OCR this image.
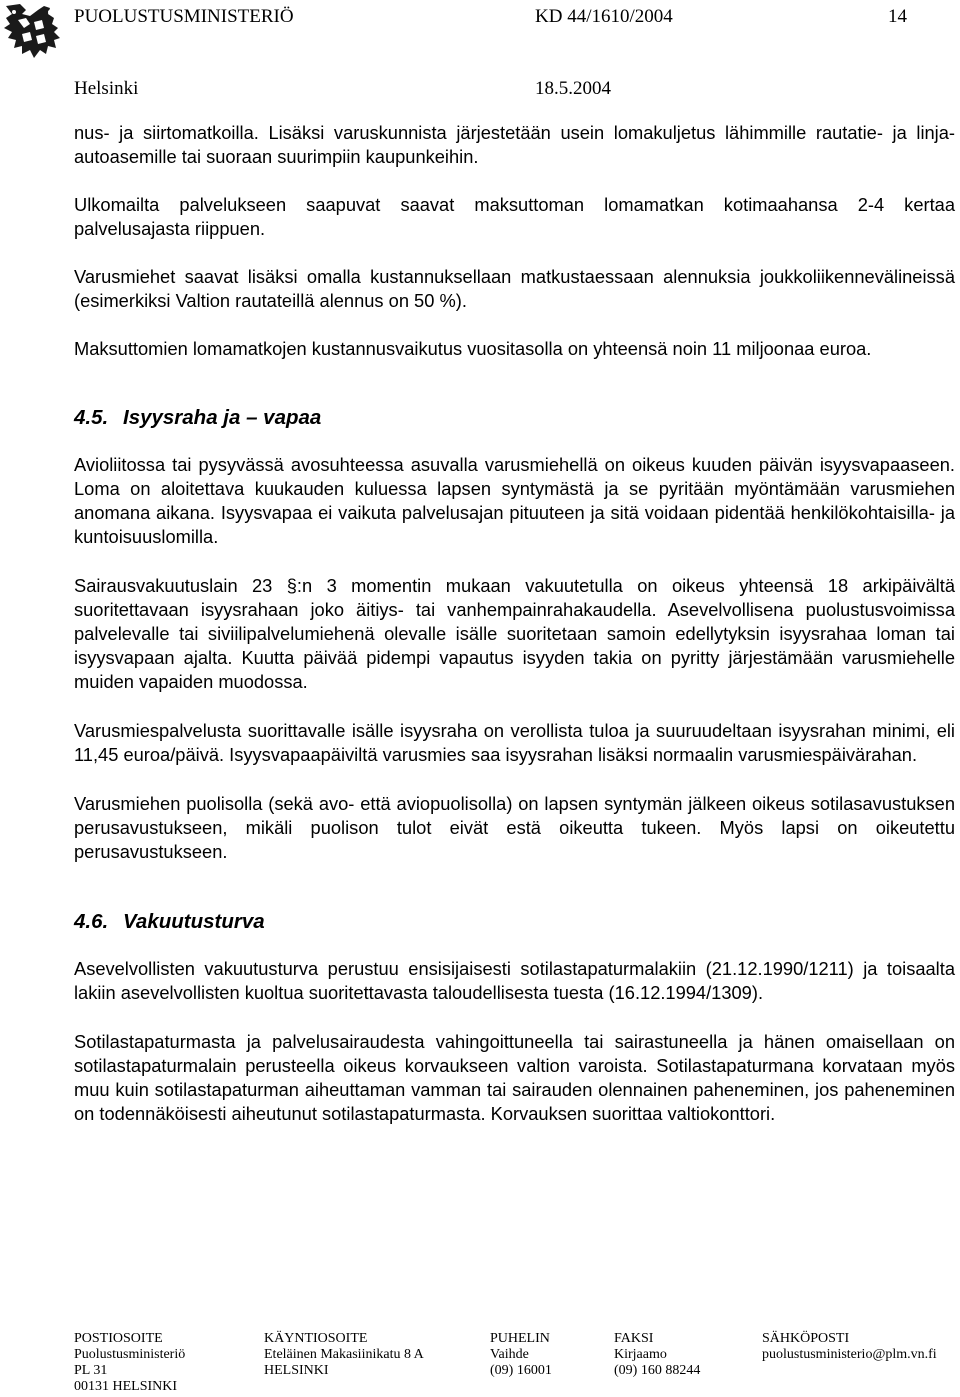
PUOLUSTUSMINISTERIÖ	KD 44/1610/2004	14
Helsinki	18.5.2004

nus- ja siirtomatkoilla. Lisäksi varuskunnista järjestetään usein lomakuljetus lähimmille rautatie- ja linja-autoasemille tai suoraan suurimpiin kaupunkeihin.

Ulkomailta palvelukseen saapuvat saavat maksuttoman lomamatkan kotimaahansa 2-4 kertaa palvelusajasta riippuen.

Varusmiehet saavat lisäksi omalla kustannuksellaan matkustaessaan alennuksia joukkoliikennevälineissä (esimerkiksi Valtion rautateillä alennus on 50 %).

Maksuttomien lomamatkojen kustannusvaikutus vuositasolla on yhteensä noin 11 miljoonaa euroa.

4.5. Isyysraha ja – vapaa

Avioliitossa tai pysyvässä avosuhteessa asuvalla varusmiehellä on oikeus kuuden päivän isyysvapaaseen. Loma on aloitettava kuukauden kuluessa lapsen syntymästä ja se pyritään myöntämään varusmiehen anomana aikana. Isyysvapaa ei vaikuta palvelusajan pituuteen ja sitä voidaan pidentää henkilökohtaisilla- ja kuntoisuuslomilla.

Sairausvakuutuslain 23 §:n 3 momentin mukaan vakuutetulla on oikeus yhteensä 18 arkipäivältä suoritettavaan isyysrahaan joko äitiys- tai vanhempainrahakaudella. Asevelvollisena puolustusvoimissa palvelevalle tai siviilipalvelumiehenä olevalle isälle suoritetaan samoin edellytyksin isyysrahaa loman tai isyysvapaan ajalta. Kuutta päivää pidempi vapautus isyyden takia on pyritty järjestämään varusmiehelle muiden vapaiden muodossa.

Varusmiespalvelusta suorittavalle isälle isyysraha on verollista tuloa ja suuruudeltaan isyysrahan minimi, eli 11,45 euroa/päivä. Isyysvapaapäiviltä varusmies saa isyysrahan lisäksi normaalin varusmiespäivärahan.

Varusmiehen puolisolla (sekä avo- että aviopuolisolla) on lapsen syntymän jälkeen oikeus sotilasavustuksen perusavustukseen, mikäli puolison tulot eivät estä oikeutta tukeen. Myös lapsi on oikeutettu perusavustukseen.

4.6. Vakuutusturva

Asevelvollisten vakuutusturva perustuu ensisijaisesti sotilastapaturmalakiin (21.12.1990/1211) ja toisaalta lakiin asevelvollisten kuoltua suoritettavasta taloudellisesta tuesta (16.12.1994/1309).

Sotilastapaturmasta ja palvelusairaudesta vahingoittuneella tai sairastuneella ja hänen omaisellaan on sotilastapaturmalain perusteella oikeus korvaukseen valtion varoista. Sotilastapaturmana korvataan myös muu kuin sotilastapaturman aiheuttaman vamman tai sairauden olennainen paheneminen, jos paheneminen on todennäköisesti aiheutunut sotilastapaturmasta. Korvauksen suorittaa valtiokonttori.

POSTIOSOITE
Puolustusministeriö
PL 31
00131 HELSINKI
KÄYNTIOSOITE
Eteläinen Makasiinikatu 8 A
HELSINKI
PUHELIN
Vaihde
(09) 16001
FAKSI
Kirjaamo
(09) 160 88244
SÄHKÖPOSTI
puolustusministerio@plm.vn.fi
